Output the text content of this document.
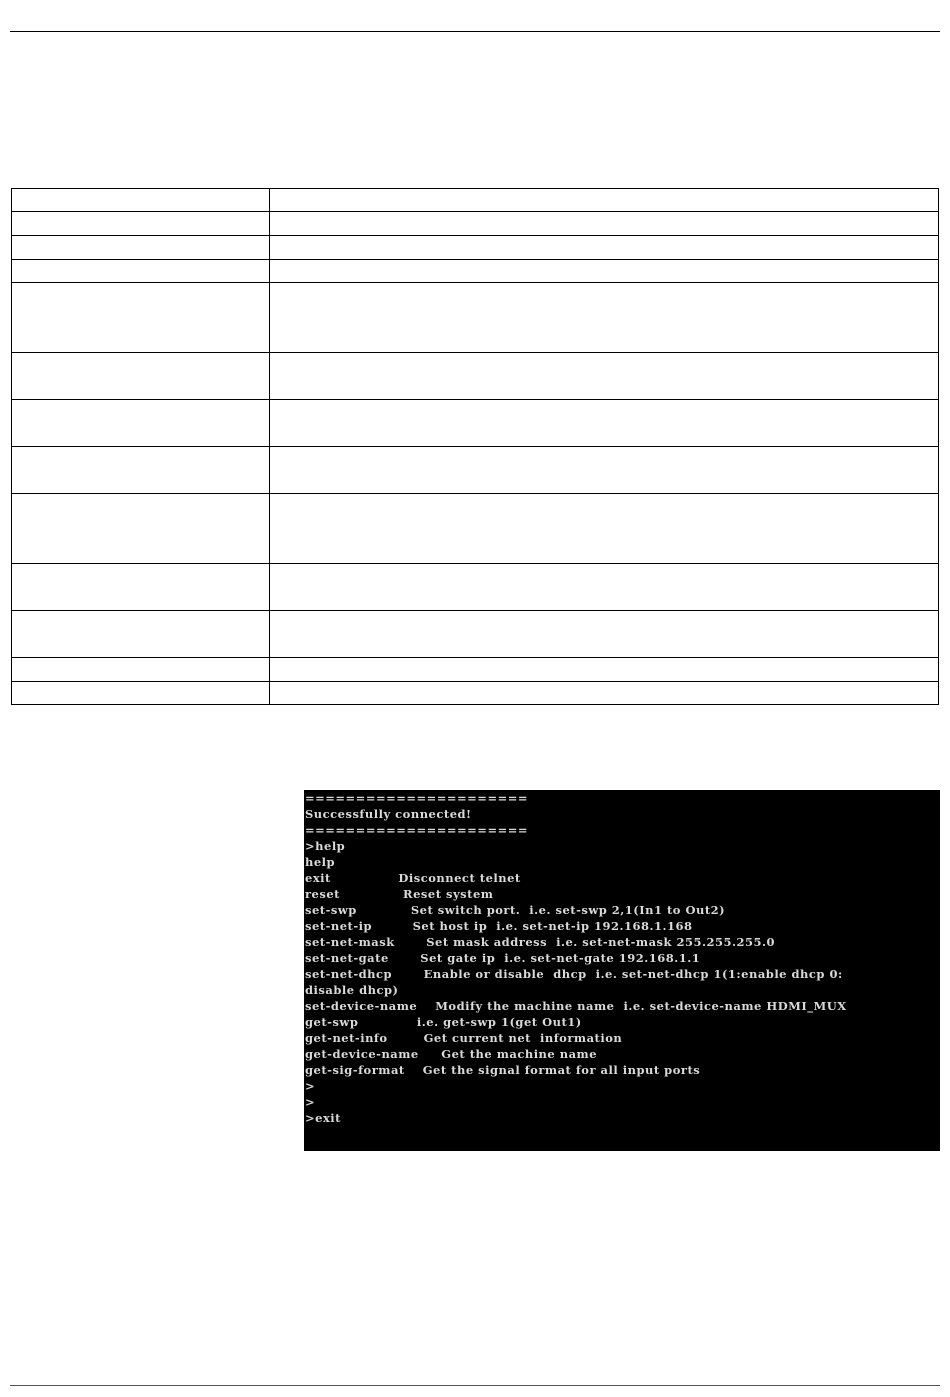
======================
Successfully connected!
======================
>help
help
exit               Disconnect telnet
reset              Reset system
set-swp            Set switch port.  i.e. set-swp 2,1(In1 to Out2)
set-net-ip         Set host ip  i.e. set-net-ip 192.168.1.168
set-net-mask       Set mask address  i.e. set-net-mask 255.255.255.0
set-net-gate       Set gate ip  i.e. set-net-gate 192.168.1.1
set-net-dhcp       Enable or disable  dhcp  i.e. set-net-dhcp 1(1:enable dhcp 0:
disable dhcp)
set-device-name    Modify the machine name  i.e. set-device-name HDMI_MUX
get-swp             i.e. get-swp 1(get Out1)
get-net-info        Get current net  information
get-device-name     Get the machine name
get-sig-format    Get the signal format for all input ports
>
>
>exit
